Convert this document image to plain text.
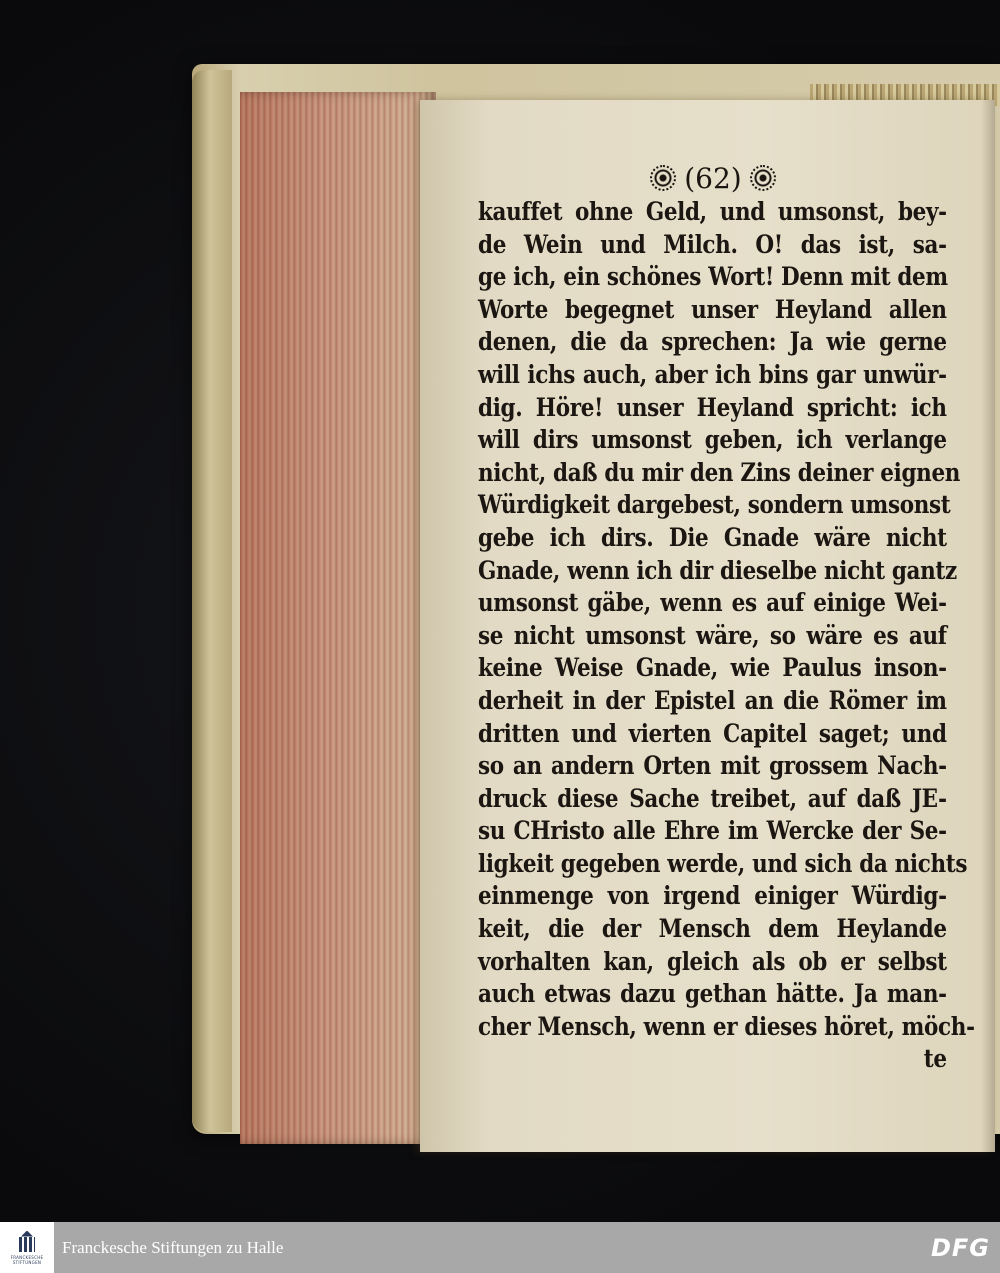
(62)
kauffet ohne Geld, und umsonst, bey-
de Wein und Milch. O! das ist, sa-
ge ich, ein schönes Wort! Denn mit dem
Worte begegnet unser Heyland allen
denen, die da sprechen: Ja wie gerne
will ichs auch, aber ich bins gar unwür-
dig. Höre! unser Heyland spricht: ich
will dirs umsonst geben, ich verlange
nicht, daß du mir den Zins deiner eignen
Würdigkeit dargebest, sondern umsonst
gebe ich dirs. Die Gnade wäre nicht
Gnade, wenn ich dir dieselbe nicht gantz
umsonst gäbe, wenn es auf einige Wei-
se nicht umsonst wäre, so wäre es auf
keine Weise Gnade, wie Paulus inson-
derheit in der Epistel an die Römer im
dritten und vierten Capitel saget; und
so an andern Orten mit grossem Nach-
druck diese Sache treibet, auf daß JE-
su CHristo alle Ehre im Wercke der Se-
ligkeit gegeben werde, und sich da nichts
einmenge von irgend einiger Würdig-
keit, die der Mensch dem Heylande
vorhalten kan, gleich als ob er selbst
auch etwas dazu gethan hätte. Ja man-
cher Mensch, wenn er dieses höret, möch-
te
FRANCKESCHE STIFTUNGEN
Franckesche Stiftungen zu Halle	DFG
